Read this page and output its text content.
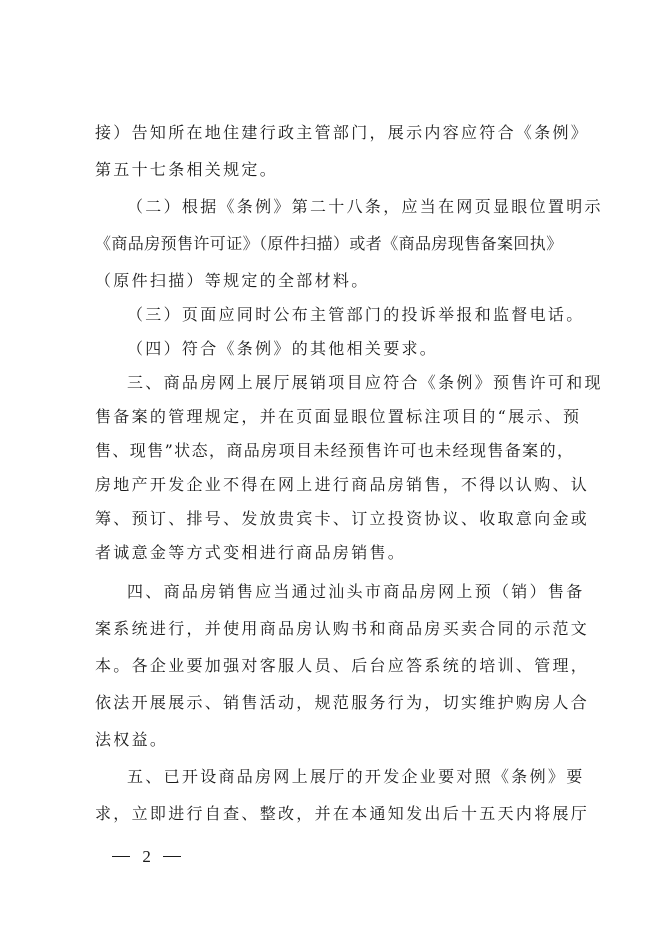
接）告知所在地住建行政主管部门，展示内容应符合《条例》
第五十七条相关规定。
（二）根据《条例》第二十八条，应当在网页显眼位置明示
《商品房预售许可证》（原件扫描）或者《商品房现售备案回执》
（原件扫描）等规定的全部材料。
（三）页面应同时公布主管部门的投诉举报和监督电话。
（四）符合《条例》的其他相关要求。
三、商品房网上展厅展销项目应符合《条例》预售许可和现
售备案的管理规定，并在页面显眼位置标注项目的“展示、预
售、现售”状态，商品房项目未经预售许可也未经现售备案的，
房地产开发企业不得在网上进行商品房销售，不得以认购、认
筹、预订、排号、发放贵宾卡、订立投资协议、收取意向金或
者诚意金等方式变相进行商品房销售。
四、商品房销售应当通过汕头市商品房网上预（销）售备
案系统进行，并使用商品房认购书和商品房买卖合同的示范文
本。各企业要加强对客服人员、后台应答系统的培训、管理，
依法开展展示、销售活动，规范服务行为，切实维护购房人合
法权益。
五、已开设商品房网上展厅的开发企业要对照《条例》要
求，立即进行自查、整改，并在本通知发出后十五天内将展厅

2
